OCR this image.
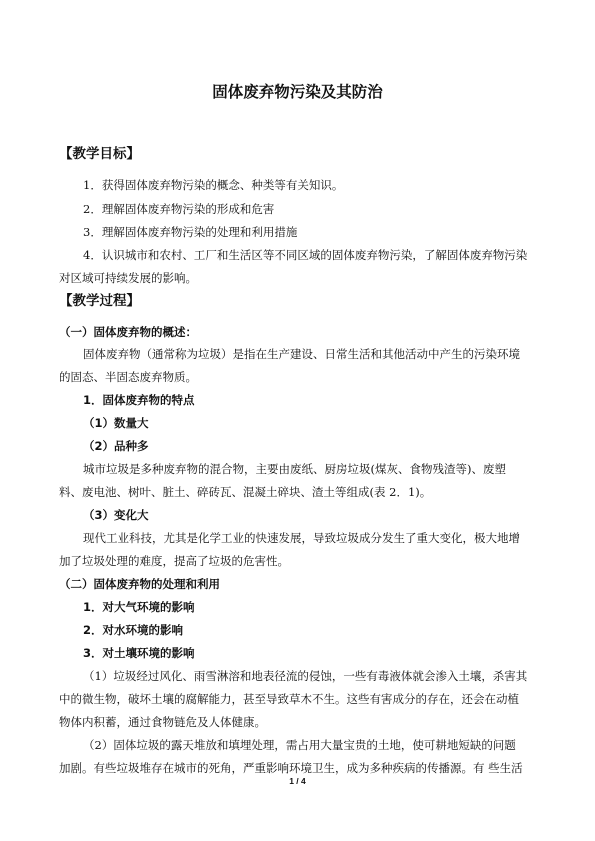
固体废弃物污染及其防治
【教学目标】
1．获得固体废弃物污染的概念、种类等有关知识。
2．理解固体废弃物污染的形成和危害
3．理解固体废弃物污染的处理和利用措施
4．认识城市和农村、工厂和生活区等不同区域的固体废弃物污染，了解固体废弃物污染
对区域可持续发展的影响。
【教学过程】
（一）固体废弃物的概述：
固体废弃物（通常称为垃圾）是指在生产建设、日常生活和其他活动中产生的污染环境
的固态、半固态废弃物质。
1．固体废弃物的特点
（1）数量大
（2）品种多
城市垃圾是多种废弃物的混合物，主要由废纸、厨房垃圾(煤灰、食物残渣等)、废塑
料、废电池、树叶、脏土、碎砖瓦、混凝土碎块、渣土等组成(表 2．1)。
（3）变化大
现代工业科技，尤其是化学工业的快速发展，导致垃圾成分发生了重大变化，极大地增
加了垃圾处理的难度，提高了垃圾的危害性。
（二）固体废弃物的处理和利用
1．对大气环境的影响
2．对水环境的影响
3．对土壤环境的影响
（1）垃圾经过风化、雨雪淋溶和地表径流的侵蚀，一些有毒液体就会渗入土壤，杀害其
中的微生物，破坏土壤的腐解能力，甚至导致草木不生。这些有害成分的存在，还会在动植
物体内积蓄，通过食物链危及人体健康。
（2）固体垃圾的露天堆放和填埋处理，需占用大量宝贵的土地，使可耕地短缺的问题
加剧。有些垃圾堆存在城市的死角，严重影响环境卫生，成为多种疾病的传播源。有 些生活
1 / 4
